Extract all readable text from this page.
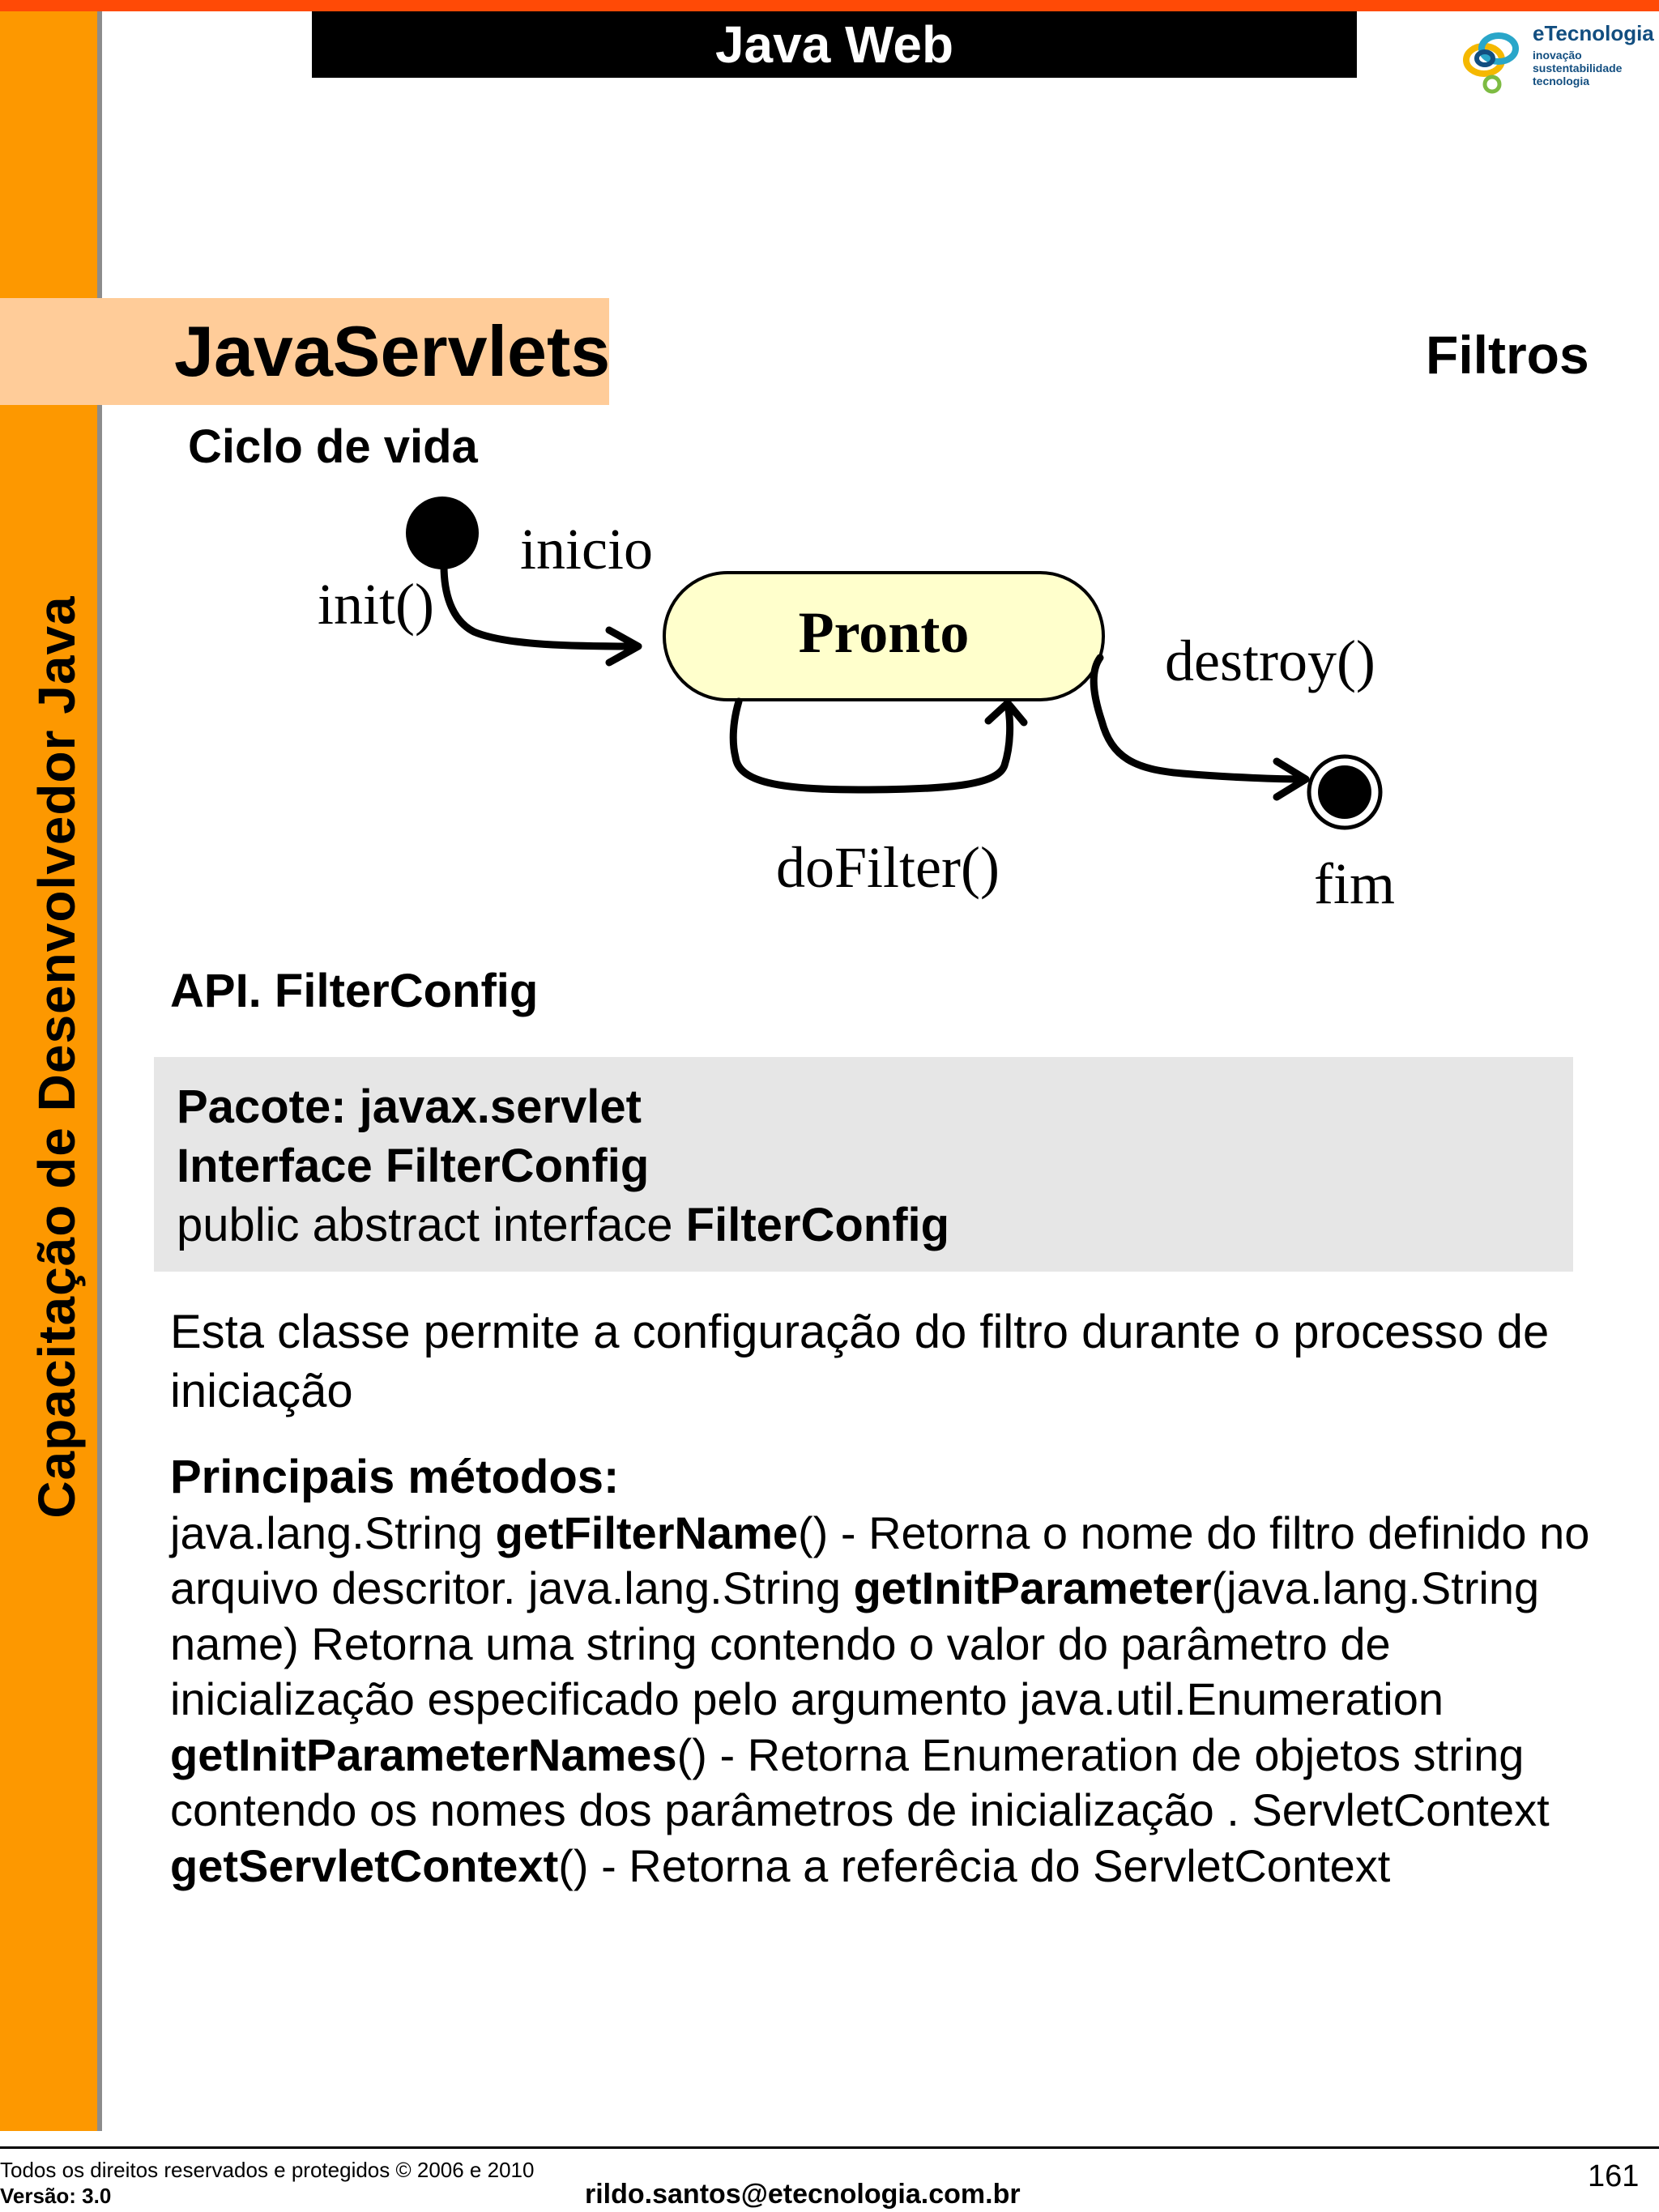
Capacitação de Desenvolvedor Java
Java Web	eTecnologia
inovação
sustentabilidade
tecnologia
JavaServlets	Filtros
Ciclo de vida
Pronto
init()
inicio
destroy()
doFilter()	fim
API. FilterConfig
Pacote: javax.servlet
Interface FilterConfig
public abstract interface FilterConfig
Esta classe permite a configuração do filtro durante o processo de iniciação
Principais métodos:
java.lang.String getFilterName() - Retorna o nome do filtro definido no arquivo descritor. java.lang.String getInitParameter(java.lang.String name) Retorna uma string contendo o valor do parâmetro de inicialização especificado pelo argumento java.util.Enumeration getInitParameterNames() - Retorna Enumeration de objetos string contendo os nomes dos parâmetros de inicialização . ServletContext getServletContext() - Retorna a referêcia do ServletContext
Todos os direitos reservados e protegidos © 2006 e 2010
Versão: 3.0	rildo.santos@etecnologia.com.br
161
